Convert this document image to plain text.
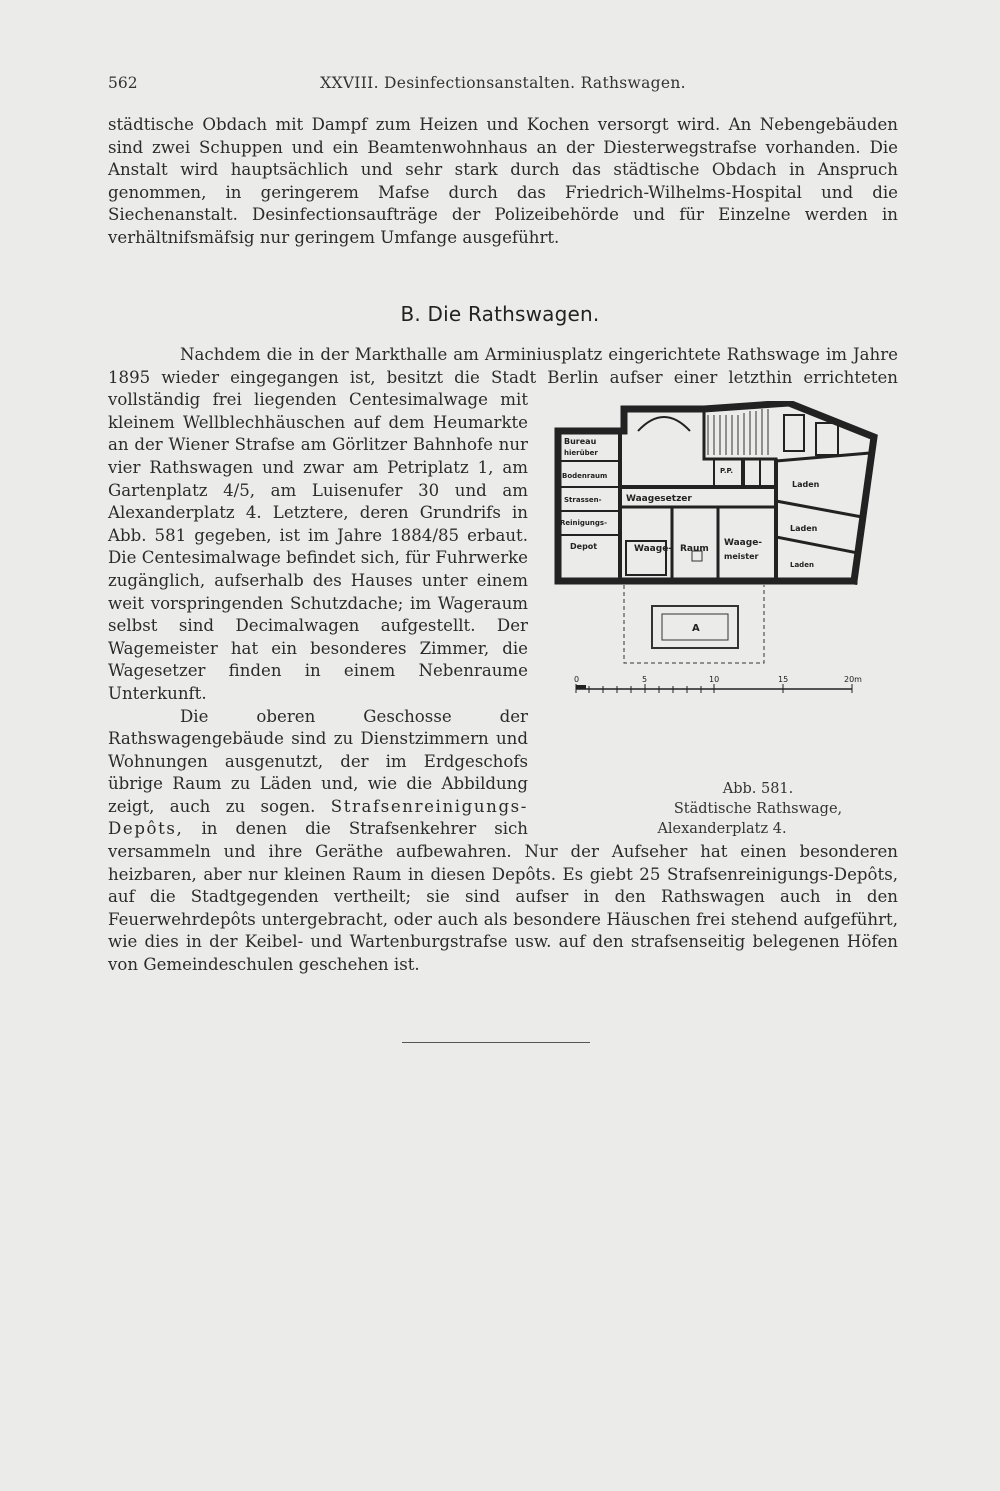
562	XXVIII. Desinfectionsanstalten. Rathswagen.
städtische Obdach mit Dampf zum Heizen und Kochen versorgt wird. An Nebengebäuden sind zwei Schuppen und ein Beamtenwohnhaus an der Diesterwegstrafse vorhanden. Die Anstalt wird hauptsächlich und sehr stark durch das städtische Obdach in Anspruch genommen, in geringerem Mafse durch das Friedrich-Wilhelms-Hospital und die Siechenanstalt. Desinfectionsaufträge der Polizeibehörde und für Einzelne werden in verhältnifsmäfsig nur geringem Umfange ausgeführt.
B. Die Rathswagen.

Nachdem die in der Markthalle am Arminiusplatz eingerichtete Rathswage im Jahre 1895 wieder eingegangen ist, besitzt die Stadt Berlin aufser einer letzthin errichteten
Bureau
hierüber
Bodenraum
Strassen-
Reinigungs-
Depot
Waagesetzer
Waage- Raum
Waage-
meister
Laden
Laden
Laden
P.P.
A
0	5	10	15	20m
Abb. 581.
Städtische Rathswage, Alexanderplatz 4.
vollständig frei liegenden Centesimalwage mit kleinem Wellblechhäuschen auf dem Heumarkte an der Wiener Strafse am Görlitzer Bahnhofe nur vier Rathswagen und zwar am Petriplatz 1, am Gartenplatz 4/5, am Luisenufer 30 und am Alexanderplatz 4. Letztere, deren Grundrifs in Abb. 581 gegeben, ist im Jahre 1884/85 erbaut. Die Centesimalwage befindet sich, für Fuhrwerke zugänglich, aufserhalb des Hauses unter einem weit vorspringenden Schutzdache; im Wageraum selbst sind Decimalwagen aufgestellt. Der Wagemeister hat ein besonderes Zimmer, die Wagesetzer finden in einem Nebenraume Unterkunft.

Die oberen Geschosse der Rathswagengebäude sind zu Dienstzimmern und Wohnungen ausgenutzt, der im Erdgeschofs übrige Raum zu Läden und, wie die Abbildung zeigt, auch zu sogen. Strafsenreinigungs-Depôts, in denen die Strafsenkehrer sich versammeln und ihre Geräthe aufbewahren. Nur der Aufseher hat einen besonderen heizbaren, aber nur kleinen Raum in diesen Depôts. Es giebt 25 Strafsenreinigungs-Depôts, auf die Stadtgegenden vertheilt; sie sind aufser in den Rathswagen auch in den Feuerwehrdepôts untergebracht, oder auch als besondere Häuschen frei stehend aufgeführt, wie dies in der Keibel- und Wartenburgstrafse usw. auf den strafsenseitig belegenen Höfen von Gemeindeschulen geschehen ist.
